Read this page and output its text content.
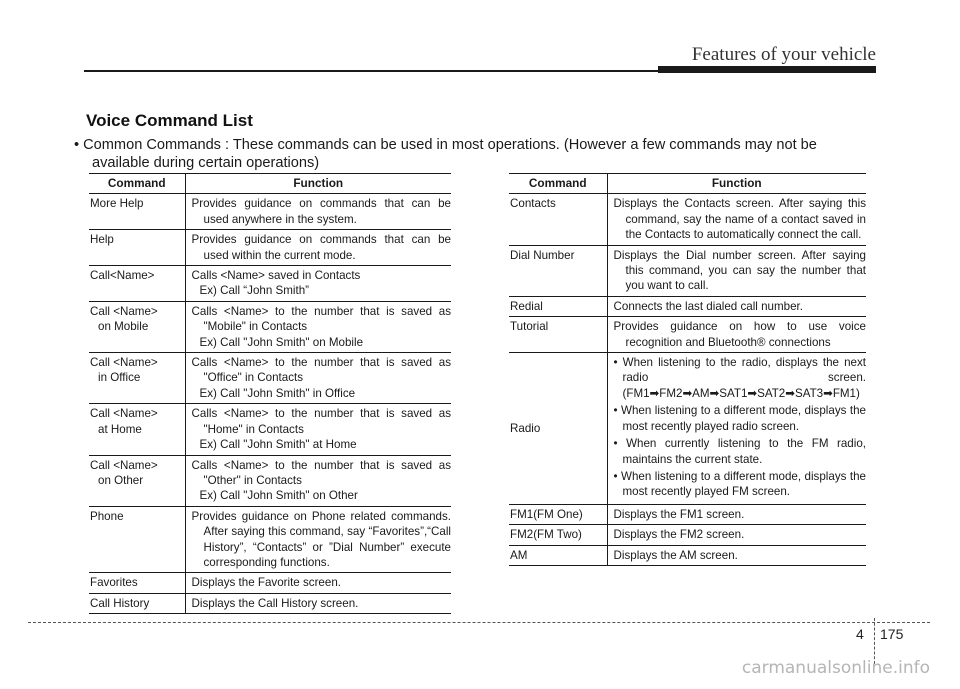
Features of your vehicle
Voice Command List
• Common Commands : These commands can be used in most operations. (However a few commands may not be
available during certain operations)
Command	Function
More Help	Provides guidance on commands that can be used anywhere in the system.

Help	Provides guidance on commands that can be used within the current mode.

Call<Name>	Calls <Name> saved in Contacts
Ex) Call “John Smith”

Call <Name>
on Mobile	Calls <Name> to the number that is saved as "Mobile" in Contacts
Ex) Call "John Smith" on Mobile

Call <Name>
in Office	Calls <Name> to the number that is saved as "Office" in Contacts
Ex) Call "John Smith" in Office

Call <Name>
at Home	Calls <Name> to the number that is saved as "Home" in Contacts
Ex) Call "John Smith" at Home

Call <Name>
on Other	Calls <Name> to the number that is saved as "Other" in Contacts
Ex) Call "John Smith" on Other

Phone	Provides guidance on Phone related commands. After saying this command, say “Favorites”,“Call History”, “Contacts” or ”Dial Number” execute corresponding functions.

Favorites	Displays the Favorite screen.

Call History	Displays the Call History screen.
Command	Function
Contacts	Displays the Contacts screen. After saying this command, say the name of a contact saved in the Contacts to automatically connect the call.

Dial Number	Displays the Dial number screen. After saying this command, you can say the number that you want to call.

Redial	Connects the last dialed call number.

Tutorial	Provides guidance on how to use voice recognition and Bluetooth® connections

Radio	• When listening to the radio, displays the next radio screen. (FM1➡FM2➡AM➡SAT1➡SAT2➡SAT3➡FM1)
• When listening to a different mode, displays the most recently played radio screen.
• When currently listening to the FM radio, maintains the current state.
• When listening to a different mode, displays the most recently played FM screen.

FM1(FM One)	Displays the FM1 screen.
FM2(FM Two)	Displays the FM2 screen.
AM	Displays the AM screen.
4 175
carmanualsonline.info
